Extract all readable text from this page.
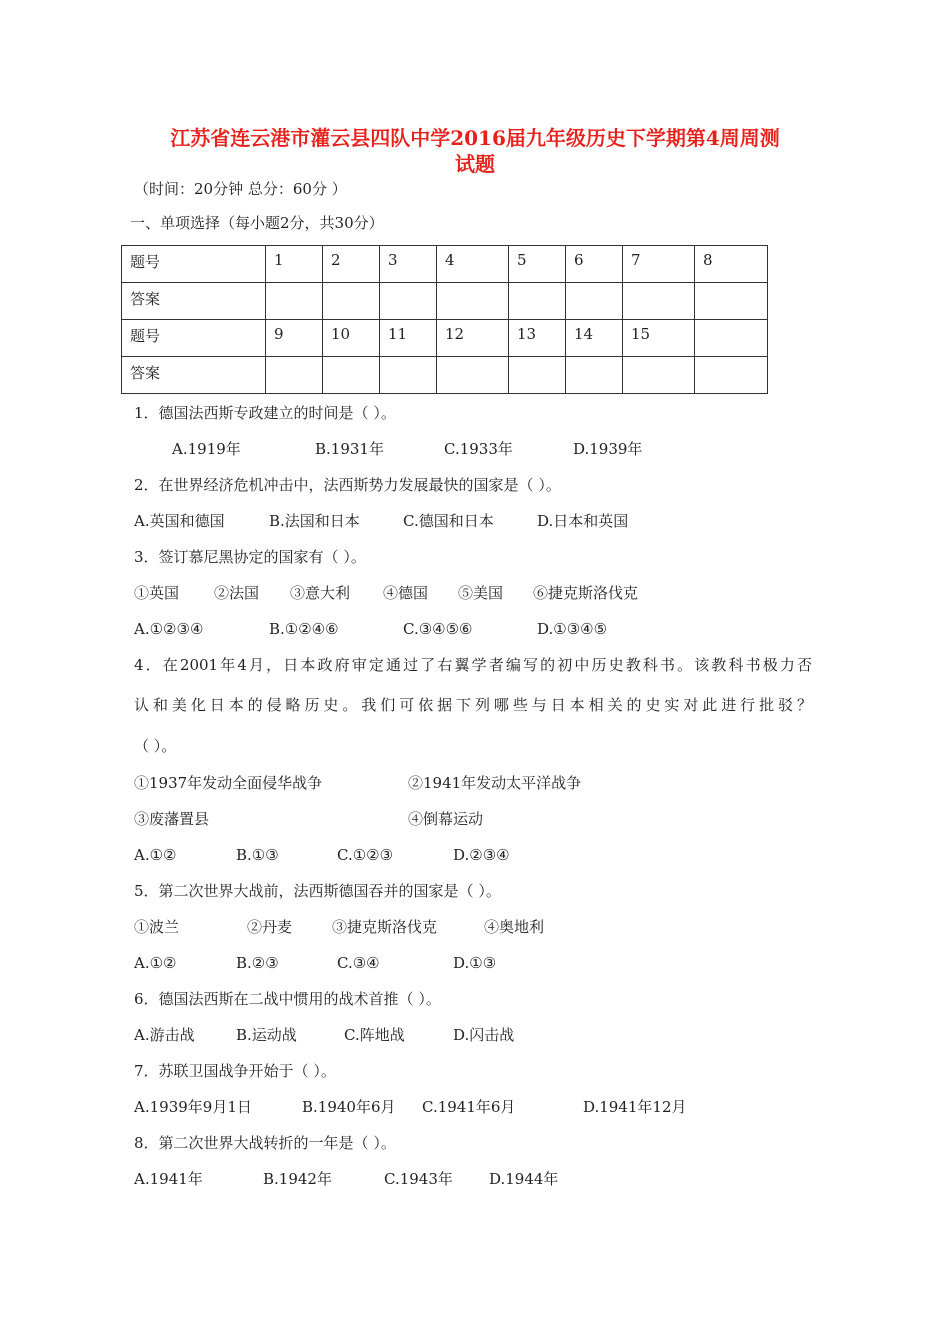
江苏省连云港市灌云县四队中学2016届九年级历史下学期第4周周测
试题
（时间：20分钟 总分：60分 ）
一、单项选择（每小题2分，共30分）
题号	1	2	3	4	5	6	7	8
答案								
题号	9	10	11	12	13	14	15	
答案								
1．德国法西斯专政建立的时间是（ ）。
A.1919年	B.1931年	C.1933年	D.1939年
2．在世界经济危机冲击中，法西斯势力发展最快的国家是（ ）。
A.英国和德国	B.法国和日本	C.德国和日本	D.日本和英国
3．签订慕尼黑协定的国家有（ ）。
①英国 ②法国 ③意大利 ④德国 ⑤美国 ⑥捷克斯洛伐克
A.①②③④	B.①②④⑥	C.③④⑤⑥	D.①③④⑤
4．在2001年4月，日本政府审定通过了右翼学者编写的初中历史教科书。该教科书极力否
认和美化日本的侵略历史。我们可依据下列哪些与日本相关的史实对此进行批驳？
（ ）。
①1937年发动全面侵华战争	②1941年发动太平洋战争
③废藩置县	④倒幕运动
A.①②	B.①③	C.①②③	D.②③④
5．第二次世界大战前，法西斯德国吞并的国家是（ ）。
①波兰	②丹麦	③捷克斯洛伐克	④奥地利
A.①②	B.②③	C.③④	D.①③
6．德国法西斯在二战中惯用的战术首推（ ）。
A.游击战	B.运动战	C.阵地战	D.闪击战
7．苏联卫国战争开始于（ ）。
A.1939年9月1日	B.1940年6月 C.1941年6月	D.1941年12月
8．第二次世界大战转折的一年是（ ）。
A.1941年	B.1942年	C.1943年 D.1944年
